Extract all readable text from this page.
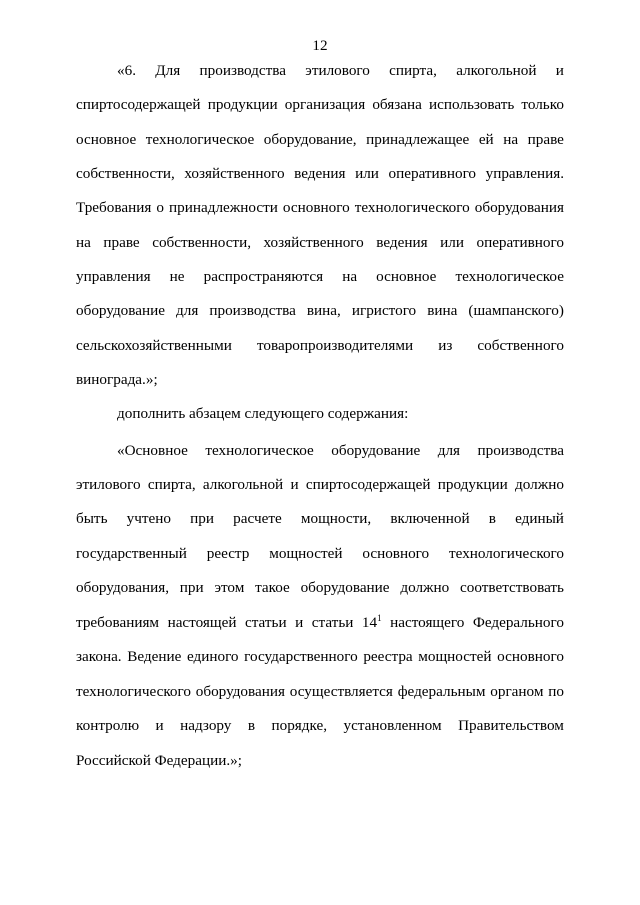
12
«6. Для производства этилового спирта, алкогольной и
спиртосодержащей продукции организация обязана использовать только
основное технологическое оборудование, принадлежащее ей на праве
собственности, хозяйственного ведения или оперативного управления.
Требования о принадлежности основного технологического оборудования
на праве собственности, хозяйственного ведения или оперативного
управления не распространяются на основное технологическое
оборудование для производства вина, игристого вина (шампанского)
сельскохозяйственными товаропроизводителями из собственного
винограда.»;
дополнить абзацем следующего содержания:
«Основное технологическое оборудование для производства
этилового спирта, алкогольной и спиртосодержащей продукции должно
быть учтено при расчете мощности, включенной в единый
государственный реестр мощностей основного технологического
оборудования, при этом такое оборудование должно соответствовать
требованиям настоящей статьи и статьи $14^1$ настоящего Федерального
закона. Ведение единого государственного реестра мощностей основного
технологического оборудования осуществляется федеральным органом по
контролю и надзору в порядке, установленном Правительством
Российской Федерации.»;
